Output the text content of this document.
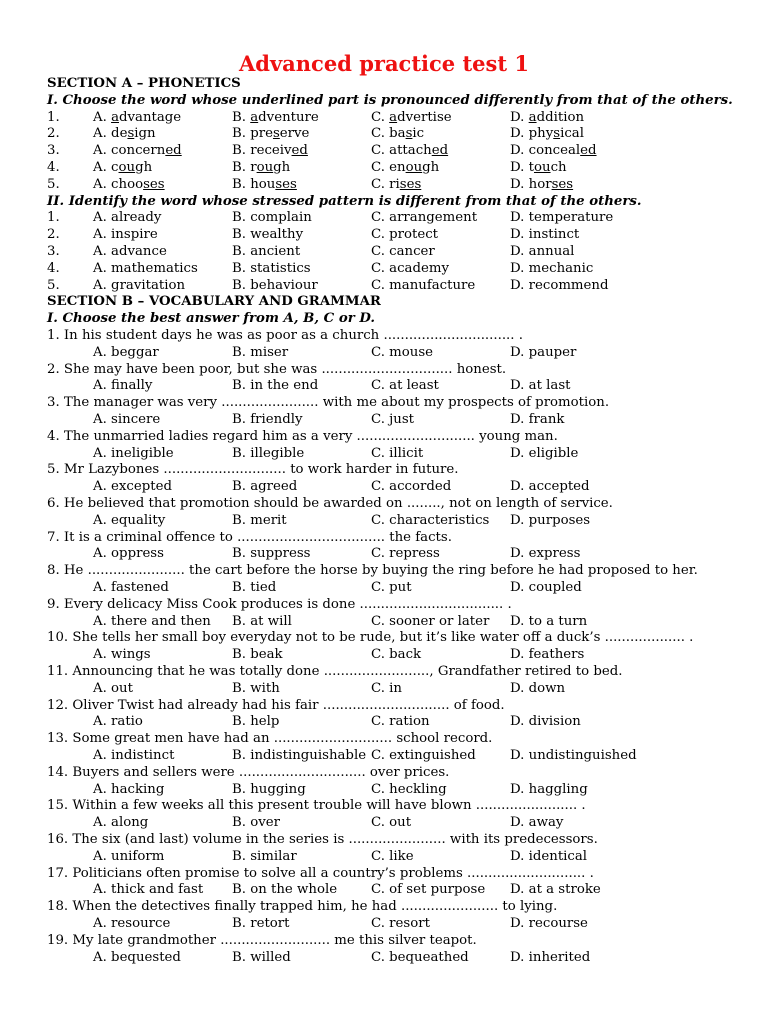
Advanced practice test 1
SECTION A – PHONETICS
I. Choose the word whose underlined part is pronounced differently from that of the others.
1.	A. advantage	B. adventure	C. advertise	D. addition
2.	A. design	B. preserve	C. basic	D. physical
3.	A. concerned	B. received	C. attached	D. concealed
4.	A. cough	B. rough	C. enough	D. touch
5.	A. chooses	B. houses	C. rises	D. horses
II. Identify the word whose stressed pattern is different from that of the others.
1.	A. already	B. complain	C. arrangement D. temperature
2.	A. inspire	B. wealthy	C. protect	D. instinct
3.	A. advance	B. ancient	C. cancer	D. annual
4.	A. mathematics	B. statistics	C. academy	D. mechanic
5.	A. gravitation	B. behaviour	C. manufacture	D. recommend
SECTION B – VOCABULARY AND GRAMMAR
I. Choose the best answer from A, B, C or D.
1. In his student days he was as poor as a church ............................... .
A. beggar	B. miser	C. mouse	D. pauper
2. She may have been poor, but she was ............................... honest.
A. finally	B. in the end	C. at least	D. at last
3. The manager was very ....................... with me about my prospects of promotion.
A. sincere	B. friendly	C. just	D. frank
4. The unmarried ladies regard him as a very ............................ young man.
A. ineligible	B. illegible	C. illicit	D. eligible
5. Mr Lazybones ............................. to work harder in future.
A. excepted	B. agreed	C. accorded	D. accepted
6. He believed that promotion should be awarded on ........, not on length of service.
A. equality	B. merit	C. characteristics D. purposes
7. It is a criminal offence to ................................... the facts.
A. oppress	B. suppress	C. repress	D. express
8. He ....................... the cart before the horse by buying the ring before he had proposed to her.
A. fastened	B. tied	C. put	D. coupled
9. Every delicacy Miss Cook produces is done .................................. .
A. there and then B. at will	C. sooner or later D. to a turn
10. She tells her small boy everyday not to be rude, but it’s like water off a duck’s ................... .
A. wings	B. beak	C. back	D. feathers
11. Announcing that he was totally done ........................., Grandfather retired to bed.
A. out	B. with	C. in	D. down
12. Oliver Twist had already had his fair .............................. of food.
A. ratio	B. help	C. ration	D. division
13. Some great men have had an ............................ school record.
A. indistinct	B. indistinguishable C. extinguished	D. undistinguished
14. Buyers and sellers were .............................. over prices.
A. hacking	B. hugging	C. heckling	D. haggling
15. Within a few weeks all this present trouble will have blown ........................ .
A. along	B. over	C. out	D. away
16. The six (and last) volume in the series is ....................... with its predecessors.
A. uniform	B. similar	C. like	D. identical
17. Politicians often promise to solve all a country’s problems ............................ .
A. thick and fast B. on the whole	C. of set purpose D. at a stroke
18. When the detectives finally trapped him, he had ....................... to lying.
A. resource	B. retort	C. resort	D. recourse
19. My late grandmother .......................... me this silver teapot.
A. bequested	B. willed	C. bequeathed	D. inherited
